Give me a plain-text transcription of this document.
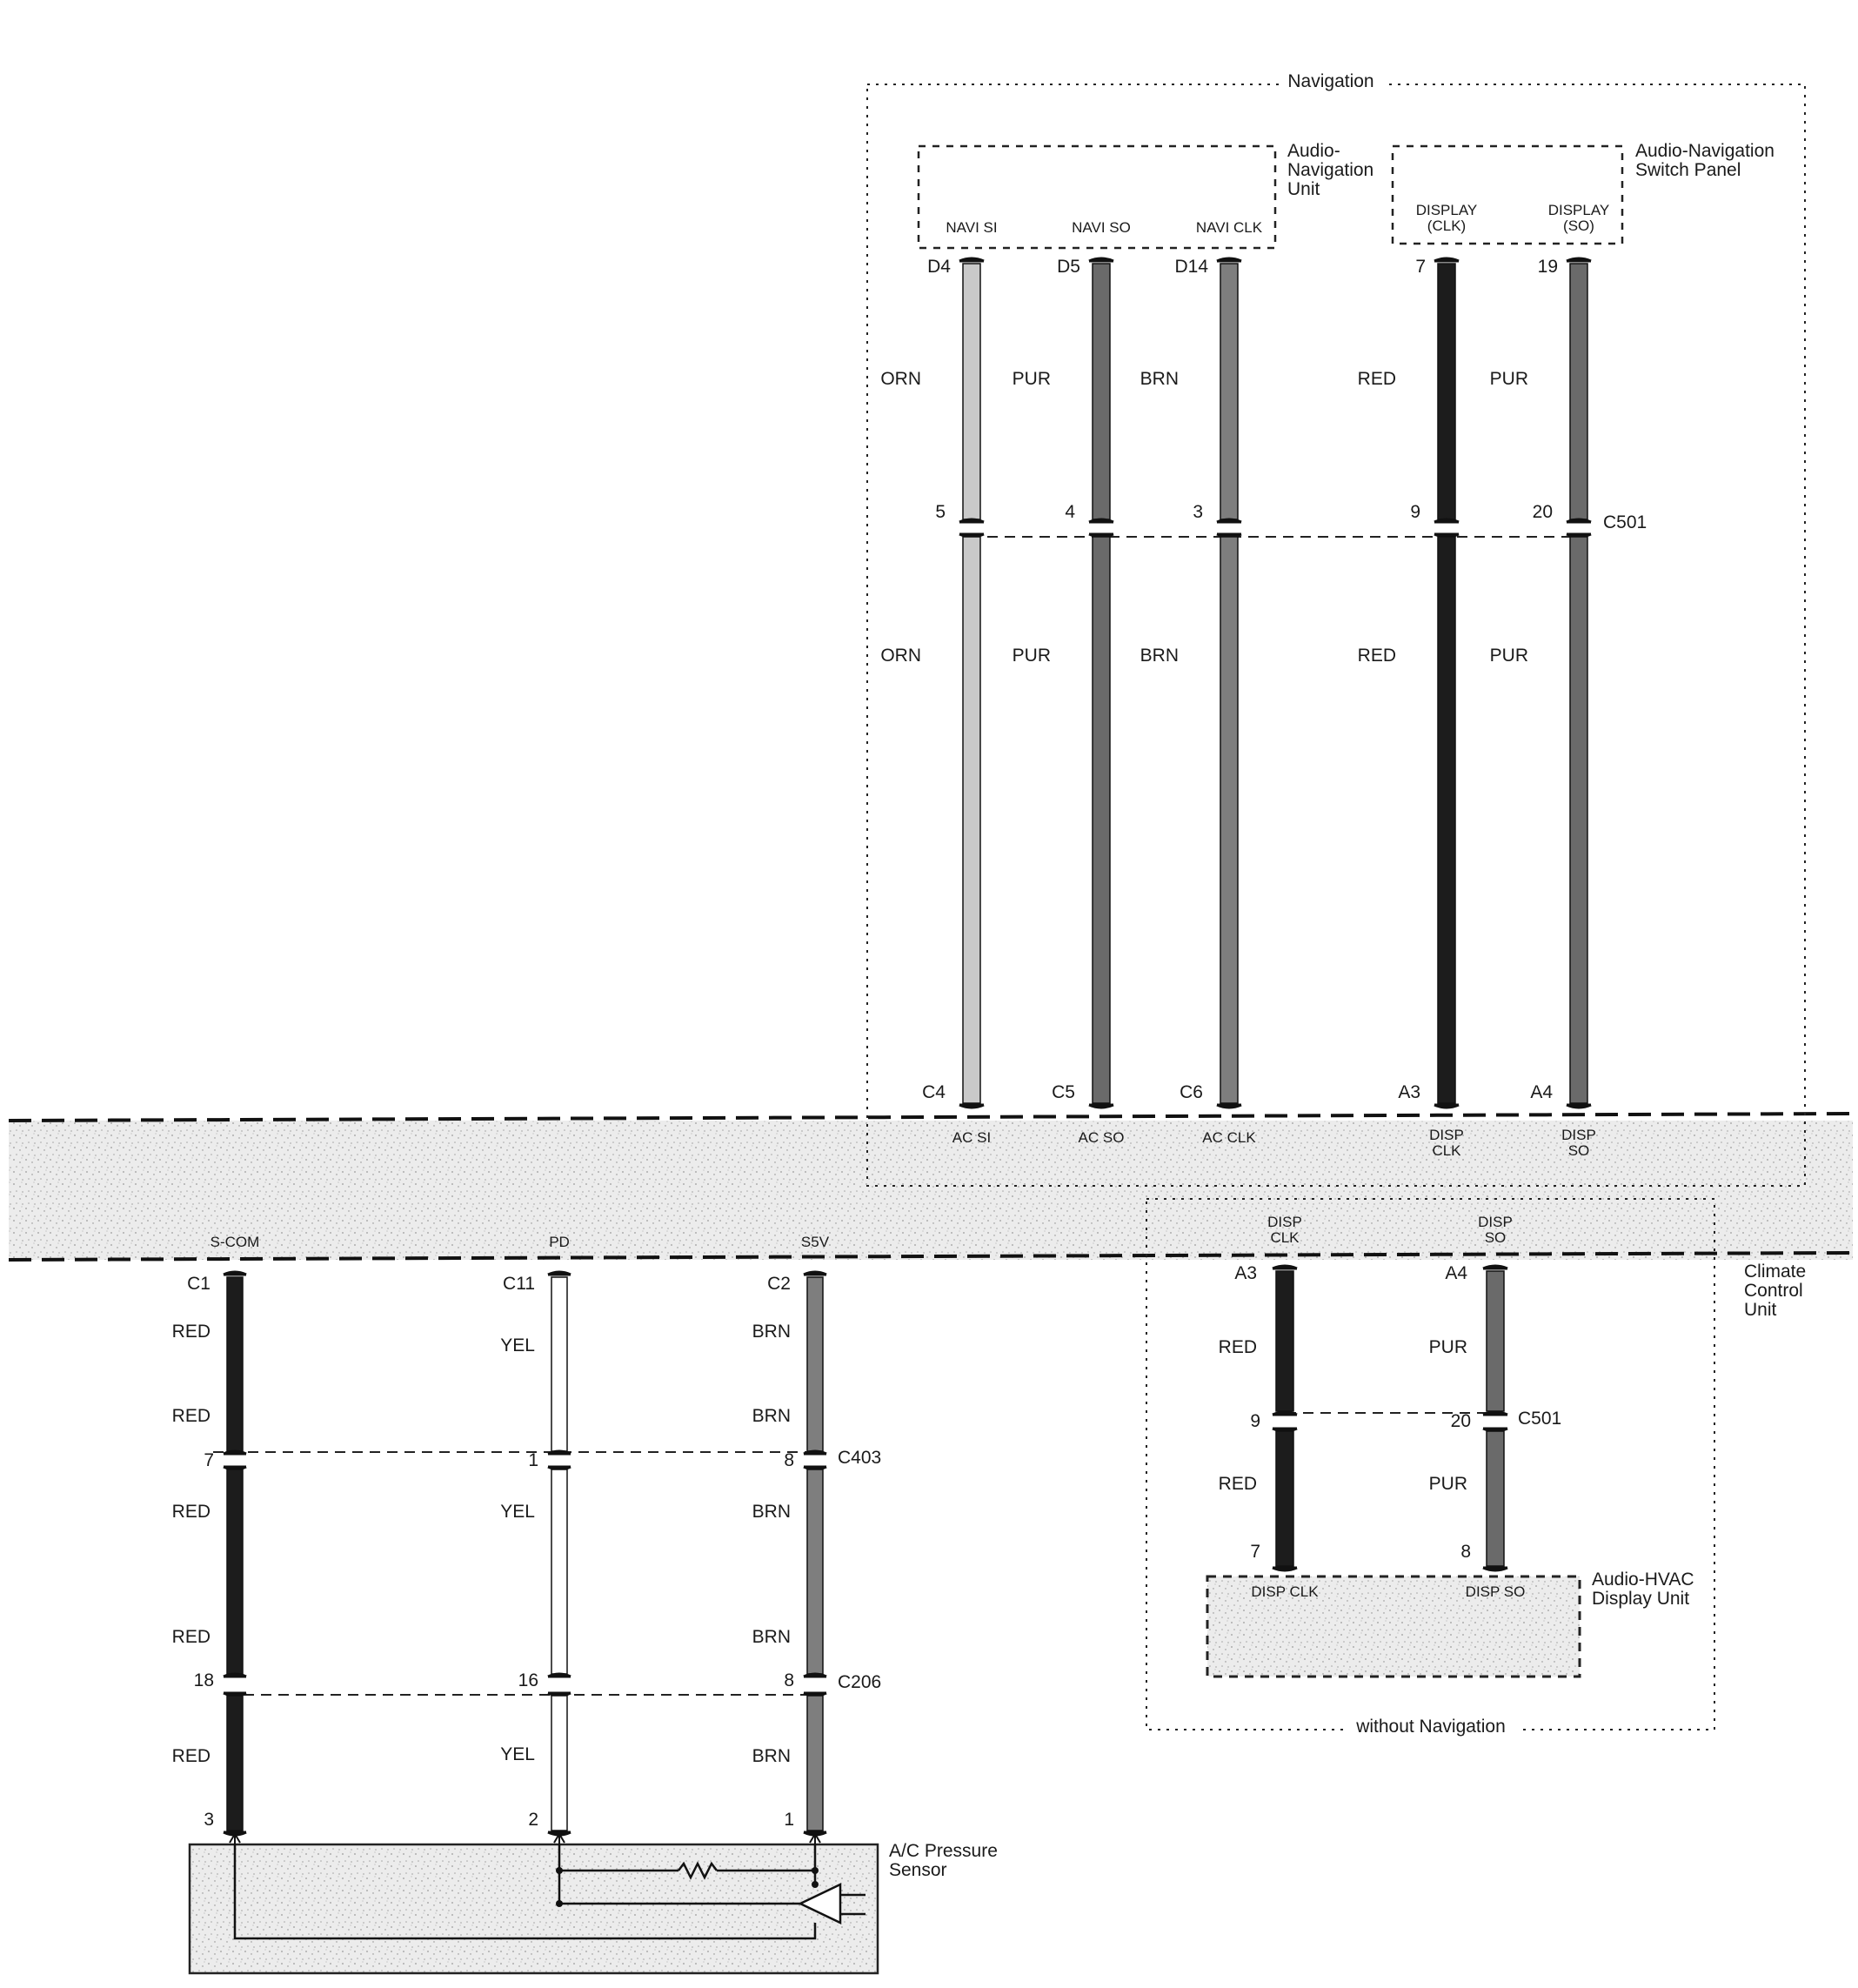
Navigation
Audio- Navigation Unit
Audio-Navigation Switch Panel
C501
NAVI SI
D4
ORN
5
ORN
C4
AC SI
NAVI SO
D5
PUR
4
PUR
C5
AC SO
NAVI CLK
D14
BRN
3
BRN
C6
AC CLK
DISPLAY
(CLK)
7
RED
9
RED
A3
DISP
CLK
DISPLAY
(SO)
19
PUR
20
PUR
A4
DISP
SO
Climate Control Unit
without Navigation
C501
Audio-HVAC Display Unit
DISP
CLK
A3
RED
9
RED
7
DISP CLK
DISP
SO
A4
PUR
20
PUR
8
DISP SO
C403
C206
A/C Pressure Sensor
S-COM
C1
7
18
3
RED
RED
RED
RED
RED
PD
C11
1
16
2
YEL
YEL
YEL
S5V
C2
8
8
1
BRN
BRN
BRN
BRN
BRN
